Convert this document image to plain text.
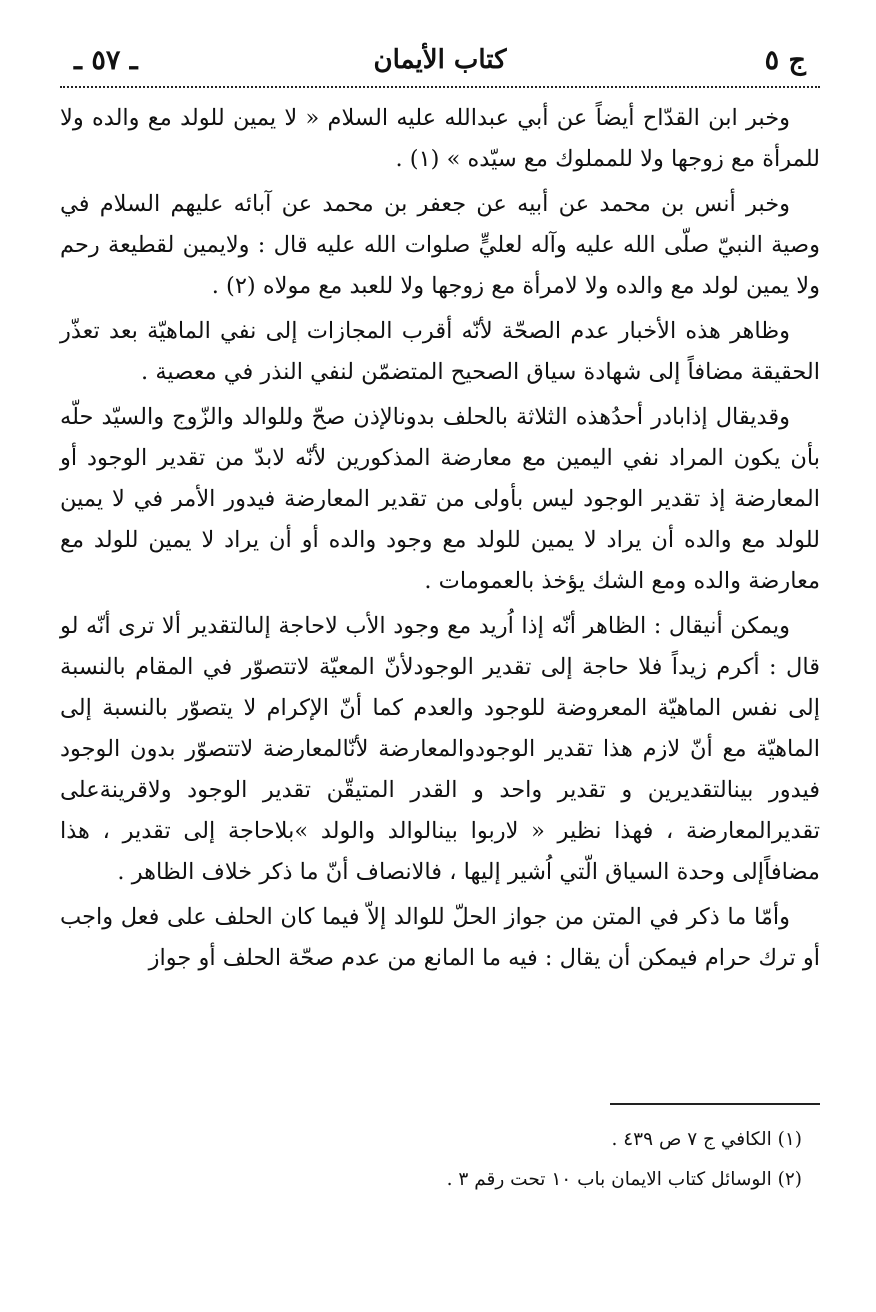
ج ٥
كتاب الأيمان
ـ ٥٧ ـ

وخبر ابن القدّاح أيضاً عن أبي عبدالله عليه السلام « لا يمين للولد مع والده ولا للمرأة مع زوجها ولا للمملوك مع سيّده » (١) .

وخبر أنس بن محمد عن أبيه عن جعفر بن محمد عن آبائه عليهم السلام في وصية النبيّ صلّى الله عليه وآله لعليٍّ صلوات الله عليه قال : ولايمين لقطيعة رحم ولا يمين لولد مع والده ولا لامرأة مع زوجها ولا للعبد مع مولاه (٢) .

وظاهر هذه الأخبار عدم الصحّة لأنّه أقرب المجازات إلى نفي الماهيّة بعد تعذّر الحقيقة مضافاً إلى شهادة سياق الصحيح المتضمّن لنفي النذر في معصية .

وقديقال إذابادر أحدُهذه الثلاثة بالحلف بدونالإذن صحّ وللوالد والزّوج والسيّد حلّه بأن يكون المراد نفي اليمين مع معارضة المذكورين لأنّه لابدّ من تقدير الوجود أو المعارضة إذ تقدير الوجود ليس بأولى من تقدير المعارضة فيدور الأمر في لا يمين للولد مع والده أن يراد لا يمين للولد مع وجود والده أو أن يراد لا يمين للولد مع معارضة والده ومع الشك يؤخذ بالعمومات .

ويمكن أنيقال : الظاهر أنّه إذا اُريد مع وجود الأب لاحاجة إلىالتقدير ألا ترى أنّه لو قال : أكرم زيداً فلا حاجة إلى تقدير الوجودلأنّ المعيّة لاتتصوّر في المقام بالنسبة إلى نفس الماهيّة المعروضة للوجود والعدم كما أنّ الإكرام لا يتصوّر بالنسبة إلى الماهيّة مع أنّ لازم هذا تقدير الوجودوالمعارضة لأنّالمعارضة لاتتصوّر بدون الوجود فيدور بينالتقديرين و تقدير واحد و القدر المتيقّن تقدير الوجود ولاقرينةعلى تقديرالمعارضة ، فهذا نظير « لاربوا بينالوالد والولد »بلاحاجة إلى تقدير ، هذا مضافاًإلى وحدة السياق الّتي اُشير إليها ، فالانصاف أنّ ما ذكر خلاف الظاهر .

وأمّا ما ذكر في المتن من جواز الحلّ للوالد إلاّ فيما كان الحلف على فعل واجب أو ترك حرام فيمكن أن يقال : فيه ما المانع من عدم صحّة الحلف أو جواز

(١) الكافي ج ٧ ص ٤٣٩ .
(٢) الوسائل كتاب الايمان باب ١٠ تحت رقم ٣ .
